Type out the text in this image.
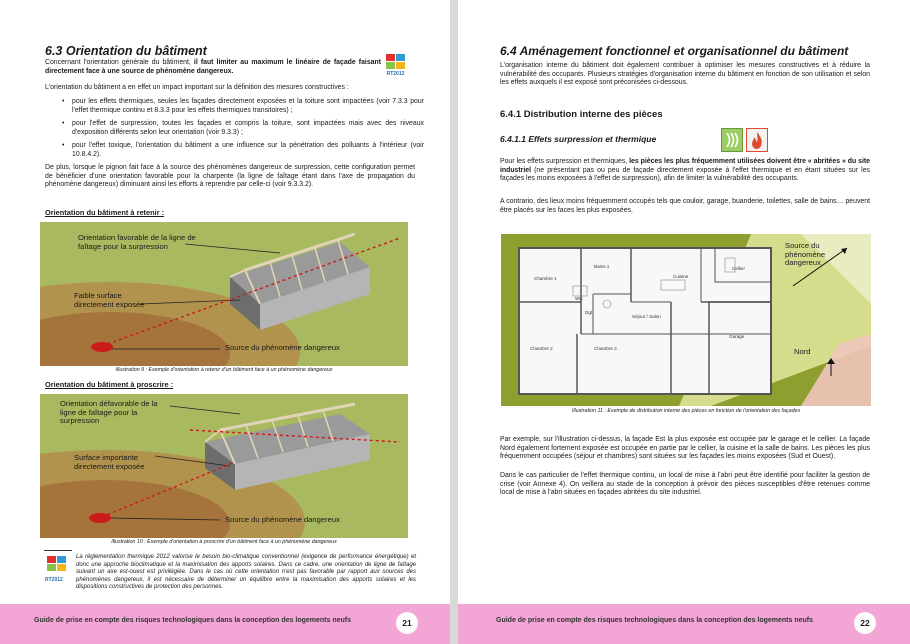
6.3 Orientation du bâtiment
RT2012

Concernant l'orientation générale du bâtiment, il faut limiter au maximum le linéaire de façade faisant directement face à une source de phénomène dangereux.

L'orientation du bâtiment a en effet un impact important sur la définition des mesures constructives :

• pour les effets thermiques, seules les façades directement exposées et la toiture sont impactées (voir 7.3.3 pour l'effet thermique continu et 8.3.3 pour les effets thermiques transitoires) ;

• pour l'effet de surpression, toutes les façades et compris la toiture, sont impactées mais avec des niveaux d'exposition différents selon leur orientation (voir 9.3.3) ;

• pour l'effet toxique, l'orientation du bâtiment a une influence sur la pénétration des polluants à l'intérieur (voir 10.8.4.2).

De plus, lorsque le pignon fait face à la source des phénomènes dangereux de surpression, cette configuration permet de bénéficier d'une orientation favorable pour la charpente (la ligne de faîtage étant dans l'axe de propagation du phénomène dangereux) diminuant ainsi les efforts à reprendre par celle-ci (voir 9.3.3.2).

Orientation du bâtiment à retenir :

Orientation favorable de la ligne de faîtage pour la surpression
Faible surface directement exposée
Source du phénomène dangereux

Illustration 9 : Exemple d'orientation à retenir d'un bâtiment face à un phénomène dangereux

Orientation du bâtiment à proscrire :

Orientation défavorable de la ligne de faîtage pour la surpression
Surface importante directement exposée
Source du phénomène dangereux

Illustration 10 : Exemple d'orientation à proscrire d'un bâtiment face à un phénomène dangereux

RT2012

La réglementation thermique 2012 valorise le besoin bio-climatique conventionnel (exigence de performance énergétique) et donc une approche bioclimatique et la maximisation des apports solaires. Dans ce cadre, une orientation de ligne de faîtage suivant un axe est-ouest est privilégiée. Dans le cas où cette orientation n'est pas favorable par rapport aux sources des phénomènes dangereux, il est nécessaire de déterminer un équilibre entre la maximisation des apports solaires et les dispositions constructives de protection des personnes.

Guide de prise en compte des risques technologiques dans la conception des logements neufs	21
6.4 Aménagement fonctionnel et organisationnel du bâtiment

L'organisation interne du bâtiment doit également contribuer à optimiser les mesures constructives et à réduire la vulnérabilité des occupants. Plusieurs stratégies d'organisation interne du bâtiment en fonction de son utilisation et selon les effets auxquels il est exposé sont préconisées ci-dessous.

6.4.1 Distribution interne des pièces
6.4.1.1 Effets surpression et thermique

Pour les effets surpression et thermiques, les pièces les plus fréquemment utilisées doivent être « abritées » du site industriel (ne présentant pas ou peu de façade directement exposée à l'effet thermique et en étant situées sur les façades les moins exposées à l'effet de surpression), afin de limiter la vulnérabilité des occupants.

A contrario, des lieux moins fréquemment occupés tels que couloir, garage, buanderie, toilettes, salle de bains… peuvent être placés sur les faces les plus exposées.

Chambre 1
Chambre 2	Chambre 3
Bains 1
WC
Dgt
Cuisine
Cellier
Séjour / Salon
Garage
Source du phénomène dangereux
Nord

Illustration 11 : Exemple de distribution interne des pièces en fonction de l'orientation des façades

Par exemple, sur l'illustration ci-dessus, la façade Est la plus exposée est occupée par le garage et le cellier. La façade Nord également fortement exposée est occupée en partie par le cellier, la cuisine et la salle de bains. Les pièces les plus fréquemment occupées (séjour et chambres) sont situées sur les façades les moins exposées (Sud et Ouest).

Dans le cas particulier de l'effet thermique continu, un local de mise à l'abri peut être identifié pour faciliter la gestion de crise (voir Annexe 4). On veillera au stade de la conception à prévoir des pièces susceptibles d'être retenues comme local de mise à l'abri situées en façades abritées du site industriel.

Guide de prise en compte des risques technologiques dans la conception des logements neufs	22
